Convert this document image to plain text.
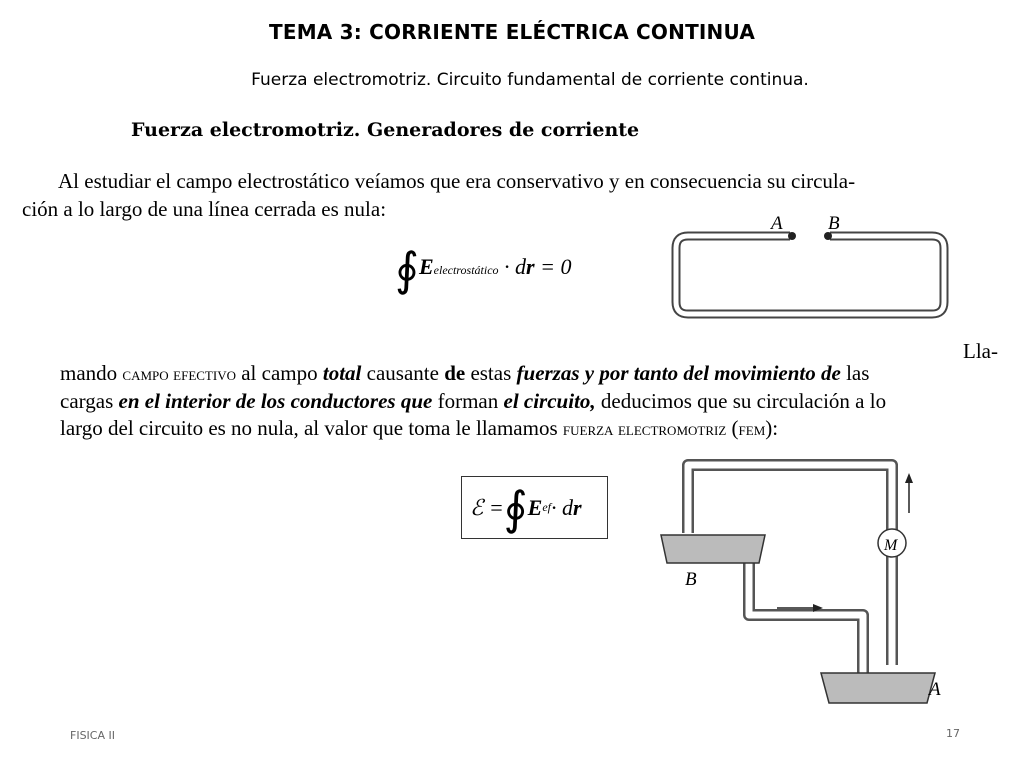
TEMA 3: CORRIENTE ELÉCTRICA CONTINUA
Fuerza electromotriz. Circuito fundamental de corriente continua.
Fuerza electromotriz. Generadores de corriente
Al estudiar el campo electrostático veíamos que era conservativo y en consecuencia su circula-
ción a lo largo de una línea cerrada es nula:
∮Eelectrostático · dr = 0
A B
Lla-
mando campo efectivo al campo total causante de estas fuerzas y por tanto del movimiento de las
cargas en el interior de los conductores que forman el circuito, deducimos que su circulación a lo
largo del circuito es no nula, al valor que toma le llamamos fuerza electromotriz (fem):
ℰ = ∮ E ef · d r
M
B
A
FISICA II	17
